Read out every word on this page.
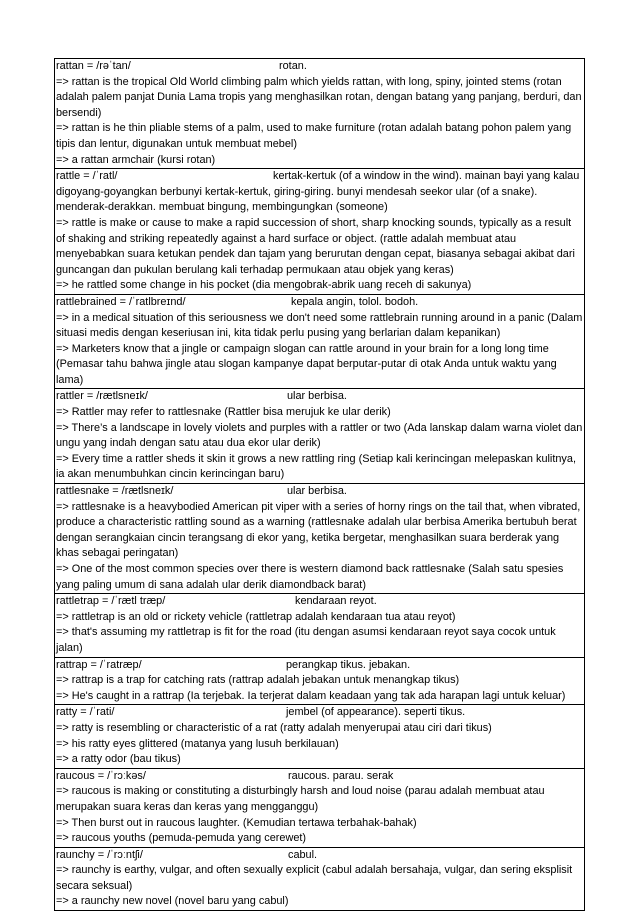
rattan = /rəˈtan/	rotan.
=> rattan is the tropical Old World climbing palm which yields rattan, with long, spiny, jointed stems (rotan adalah palem panjat Dunia Lama tropis yang menghasilkan rotan, dengan batang yang panjang, berduri, dan bersendi)
=> rattan is he thin pliable stems of a palm, used to make furniture (rotan adalah batang pohon palem yang tipis dan lentur, digunakan untuk membuat mebel)
=> a rattan armchair (kursi rotan)
rattle = /ˈratl/	kertak-kertuk (of a window in the wind). mainan bayi yang kalau
digoyang-goyangkan berbunyi kertak-kertuk, giring-giring. bunyi mendesah seekor ular (of a snake). menderak-derakkan. membuat bingung, membingungkan (someone)
=> rattle is make or cause to make a rapid succession of short, sharp knocking sounds, typically as a result of shaking and striking repeatedly against a hard surface or object. (rattle adalah membuat atau menyebabkan suara ketukan pendek dan tajam yang berurutan dengan cepat, biasanya sebagai akibat dari guncangan dan pukulan berulang kali terhadap permukaan atau objek yang keras)
=> he rattled some change in his pocket (dia mengobrak-abrik uang receh di sakunya)
rattlebrained = /ˈratlbreɪnd/	kepala angin, tolol. bodoh.
=> in a medical situation of this seriousness we don't need some rattlebrain running around in a panic (Dalam situasi medis dengan keseriusan ini, kita tidak perlu pusing yang berlarian dalam kepanikan)
=> Marketers know that a jingle or campaign slogan can rattle around in your brain for a long long time (Pemasar tahu bahwa jingle atau slogan kampanye dapat berputar-putar di otak Anda untuk waktu yang lama)
rattler = /rætlsneɪk/	ular berbisa.
=> Rattler may refer to rattlesnake (Rattler bisa merujuk ke ular derik)
=> There’s a landscape in lovely violets and purples with a rattler or two (Ada lanskap dalam warna violet dan ungu yang indah dengan satu atau dua ekor ular derik)
=> Every time a rattler sheds it skin it grows a new rattling ring (Setiap kali kerincingan melepaskan kulitnya, ia akan menumbuhkan cincin kerincingan baru)
rattlesnake = /rætlsneɪk/	ular berbisa.
=> rattlesnake is a heavybodied American pit viper with a series of horny rings on the tail that, when vibrated, produce a characteristic rattling sound as a warning (rattlesnake adalah ular berbisa Amerika bertubuh berat dengan serangkaian cincin terangsang di ekor yang, ketika bergetar, menghasilkan suara berderak yang khas sebagai peringatan)
=> One of the most common species over there is western diamond back rattlesnake (Salah satu spesies yang paling umum di sana adalah ular derik diamondback barat)
rattletrap = /ˈrætl træp/	kendaraan reyot.
=> rattletrap is an old or rickety vehicle (rattletrap adalah kendaraan tua atau reyot)
=> that's assuming my rattletrap is fit for the road (itu dengan asumsi kendaraan reyot saya cocok untuk jalan)
rattrap = /ˈratræp/	perangkap tikus. jebakan.
=> rattrap is a trap for catching rats (rattrap adalah jebakan untuk menangkap tikus)
=> He's caught in a rattrap (Ia terjebak. Ia terjerat dalam keadaan yang tak ada harapan lagi untuk keluar)
ratty = /ˈrati/	jembel (of appearance). seperti tikus.
=> ratty is resembling or characteristic of a rat (ratty adalah menyerupai atau ciri dari tikus)
=> his ratty eyes glittered (matanya yang lusuh berkilauan)
=> a ratty odor (bau tikus)
raucous = /ˈrɔːkəs/	raucous. parau. serak
=> raucous is making or constituting a disturbingly harsh and loud noise (parau adalah membuat atau merupakan suara keras dan keras yang mengganggu)
=> Then burst out in raucous laughter. (Kemudian tertawa terbahak-bahak)
=> raucous youths (pemuda-pemuda yang cerewet)
raunchy = /ˈrɔːntʃi/	cabul.
=> raunchy is earthy, vulgar, and often sexually explicit (cabul adalah bersahaja, vulgar, dan sering eksplisit secara seksual)
=> a raunchy new novel (novel baru yang cabul)
